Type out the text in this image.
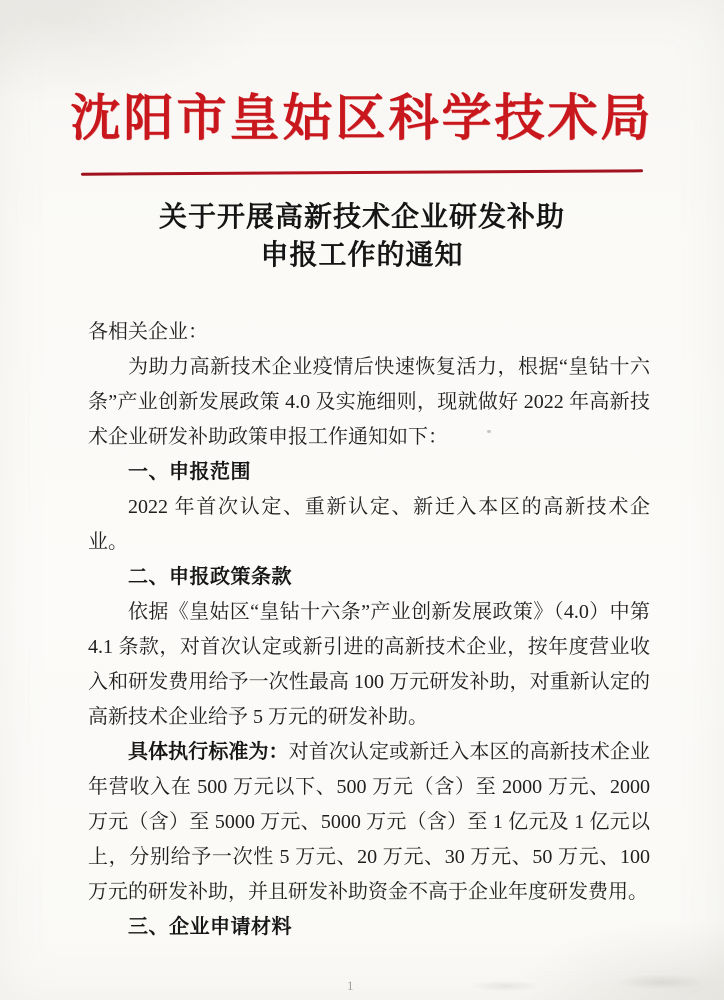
沈阳市皇姑区科学技术局
关于开展高新技术企业研发补助
申报工作的通知

各相关企业：

为助力高新技术企业疫情后快速恢复活力，根据“皇钻十六条”产业创新发展政策 4.0 及实施细则，现就做好 2022 年高新技术企业研发补助政策申报工作通知如下：

一、申报范围

2022 年首次认定、重新认定、新迁入本区的高新技术企业。

二、申报政策条款

依据《皇姑区“皇钻十六条”产业创新发展政策》（4.0）中第 4.1 条款，对首次认定或新引进的高新技术企业，按年度营业收入和研发费用给予一次性最高 100 万元研发补助，对重新认定的高新技术企业给予 5 万元的研发补助。

具体执行标准为：对首次认定或新迁入本区的高新技术企业年营收入在 500 万元以下、500 万元（含）至 2000 万元、2000 万元（含）至 5000 万元、5000 万元（含）至 1 亿元及 1 亿元以上，分别给予一次性 5 万元、20 万元、30 万元、50 万元、100 万元的研发补助，并且研发补助资金不高于企业年度研发费用。

三、企业申请材料

1
